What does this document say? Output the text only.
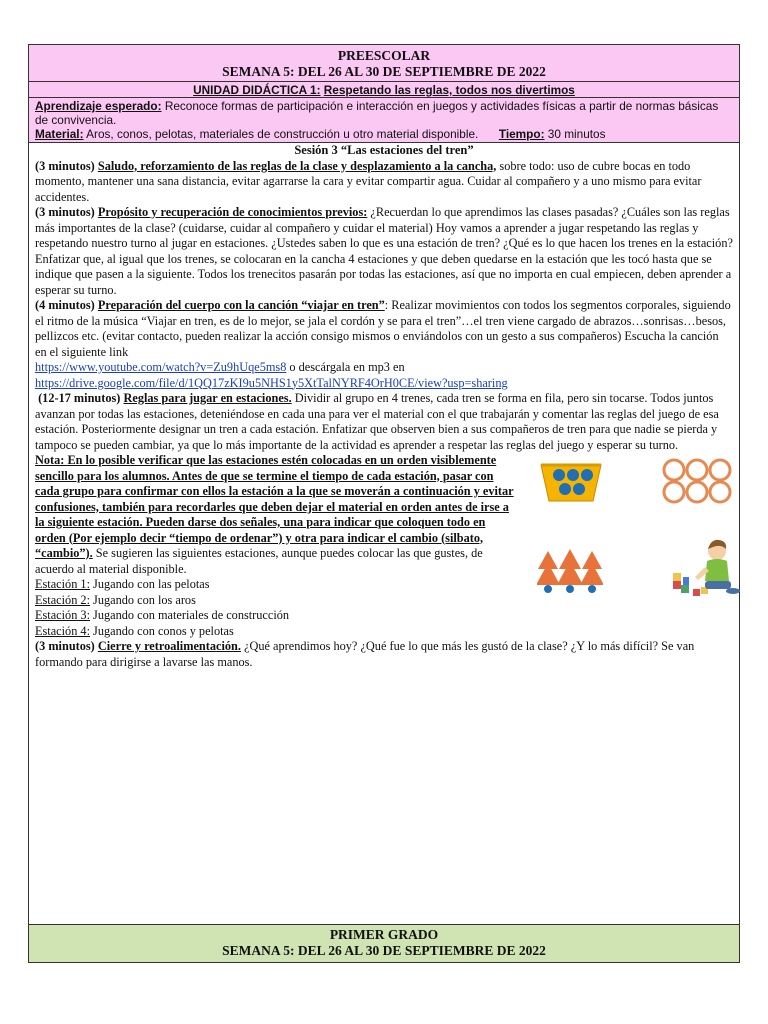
PREESCOLAR
SEMANA 5: DEL 26 AL 30 DE SEPTIEMBRE DE 2022
UNIDAD DIDÁCTICA 1: Respetando las reglas, todos nos divertimos

Aprendizaje esperado: Reconoce formas de participación e interacción en juegos y actividades físicas a partir de normas básicas de convivencia.

Material: Aros, conos, pelotas, materiales de construcción u otro material disponible. Tiempo: 30 minutos

Sesión 3 “Las estaciones del tren”

(3 minutos) Saludo, reforzamiento de las reglas de la clase y desplazamiento a la cancha, sobre todo: uso de cubre bocas en todo momento, mantener una sana distancia, evitar agarrarse la cara y evitar compartir agua. Cuidar al compañero y a uno mismo para evitar accidentes.

(3 minutos) Propósito y recuperación de conocimientos previos: ¿Recuerdan lo que aprendimos las clases pasadas? ¿Cuáles son las reglas más importantes de la clase? (cuidarse, cuidar al compañero y cuidar el material) Hoy vamos a aprender a jugar respetando las reglas y respetando nuestro turno al jugar en estaciones. ¿Ustedes saben lo que es una estación de tren? ¿Qué es lo que hacen los trenes en la estación? Enfatizar que, al igual que los trenes, se colocaran en la cancha 4 estaciones y que deben quedarse en la estación que les tocó hasta que se indique que pasen a la siguiente. Todos los trenecitos pasarán por todas las estaciones, así que no importa en cual empiecen, deben aprender a esperar su turno.

(4 minutos) Preparación del cuerpo con la canción “viajar en tren”: Realizar movimientos con todos los segmentos corporales, siguiendo el ritmo de la música “Viajar en tren, es de lo mejor, se jala el cordón y se para el tren”…el tren viene cargado de abrazos…sonrisas…besos, pellizcos etc. (evitar contacto, pueden realizar la acción consigo mismos o enviándolos con un gesto a sus compañeros) Escucha la canción en el siguiente link
https://www.youtube.com/watch?v=Zu9hUqe5ms8 o descárgala en mp3 en
https://drive.google.com/file/d/1QQ17zKI9u5NHS1y5XtTalNYRF4OrH0CE/view?usp=sharing

(12-17 minutos) Reglas para jugar en estaciones. Dividir al grupo en 4 trenes, cada tren se forma en fila, pero sin tocarse. Todos juntos avanzan por todas las estaciones, deteniéndose en cada una para ver el material con el que trabajarán y comentar las reglas del juego de esa estación. Posteriormente designar un tren a cada estación. Enfatizar que observen bien a sus compañeros de tren para que nadie se pierda y tampoco se pueden cambiar, ya que lo más importante de la actividad es aprender a respetar las reglas del juego y esperar su turno.

Nota: En lo posible verificar que las estaciones estén colocadas en un orden visiblemente sencillo para los alumnos. Antes de que se termine el tiempo de cada estación, pasar con cada grupo para confirmar con ellos la estación a la que se moverán a continuación y evitar confusiones, también para recordarles que deben dejar el material en orden antes de irse a la siguiente estación. Pueden darse dos señales, una para indicar que coloquen todo en orden (Por ejemplo decir “tiempo de ordenar”) y otra para indicar el cambio (silbato, “cambio”). Se sugieren las siguientes estaciones, aunque puedes colocar las que gustes, de acuerdo al material disponible.

Estación 1: Jugando con las pelotas

Estación 2: Jugando con los aros

Estación 3: Jugando con materiales de construcción

Estación 4: Jugando con conos y pelotas

(3 minutos) Cierre y retroalimentación. ¿Qué aprendimos hoy? ¿Qué fue lo que más les gustó de la clase? ¿Y lo más difícil? Se van formando para dirigirse a lavarse las manos.

PRIMER GRADO
SEMANA 5: DEL 26 AL 30 DE SEPTIEMBRE DE 2022
